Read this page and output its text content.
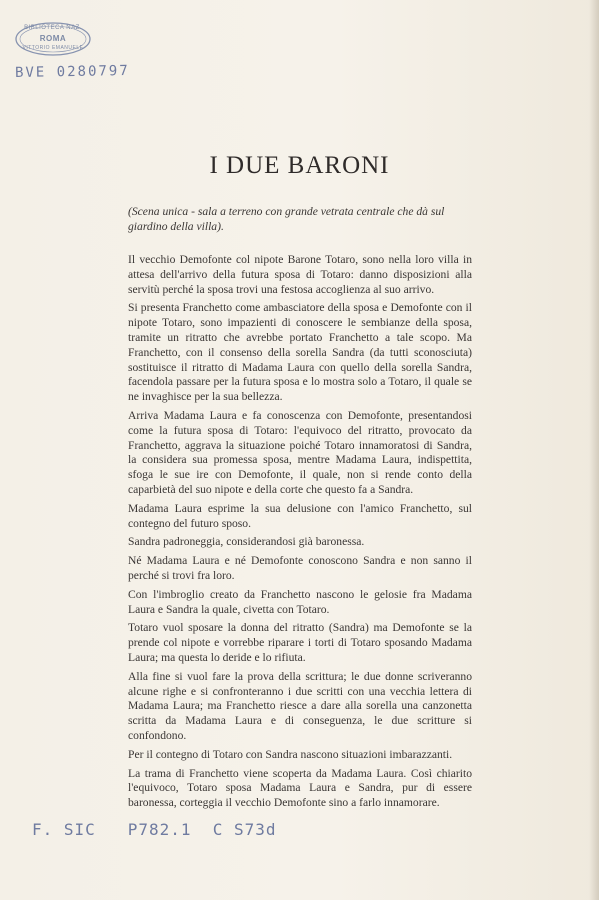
BIBLIOTECA NAZ.
ROMA
VITTORIO EMANUELE
BVE 0280797
I DUE BARONI
(Scena unica - sala a terreno con grande vetrata centrale che dà sul giardino della villa).

Il vecchio Demofonte col nipote Barone Totaro, sono nella loro villa in attesa dell'arrivo della futura sposa di Totaro: danno disposizioni alla servitù perché la sposa trovi una festosa accoglienza al suo arrivo.

Si presenta Franchetto come ambasciatore della sposa e Demofonte con il nipote Totaro, sono impazienti di conoscere le sembianze della sposa, tramite un ritratto che avrebbe portato Franchetto a tale scopo. Ma Franchetto, con il consenso della sorella Sandra (da tutti sconosciuta) sostituisce il ritratto di Madama Laura con quello della sorella Sandra, facendola passare per la futura sposa e lo mostra solo a Totaro, il quale se ne invaghisce per la sua bellezza.

Arriva Madama Laura e fa conoscenza con Demofonte, presentandosi come la futura sposa di Totaro: l'equivoco del ritratto, provocato da Franchetto, aggrava la situazione poiché Totaro innamoratosi di Sandra, la considera sua promessa sposa, mentre Madama Laura, indispettita, sfoga le sue ire con Demofonte, il quale, non si rende conto della caparbietà del suo nipote e della corte che questo fa a Sandra.

Madama Laura esprime la sua delusione con l'amico Franchetto, sul contegno del futuro sposo.

Sandra padroneggia, considerandosi già baronessa.

Né Madama Laura e né Demofonte conoscono Sandra e non sanno il perché si trovi fra loro.

Con l'imbroglio creato da Franchetto nascono le gelosie fra Madama Laura e Sandra la quale, civetta con Totaro.

Totaro vuol sposare la donna del ritratto (Sandra) ma Demofonte se la prende col nipote e vorrebbe riparare i torti di Totaro sposando Madama Laura; ma questa lo deride e lo rifiuta.

Alla fine si vuol fare la prova della scrittura; le due donne scriveranno alcune righe e si confronteranno i due scritti con una vecchia lettera di Madama Laura; ma Franchetto riesce a dare alla sorella una canzonetta scritta da Madama Laura e di conseguenza, le due scritture si confondono.

Per il contegno di Totaro con Sandra nascono situazioni imbarazzanti.

La trama di Franchetto viene scoperta da Madama Laura. Così chiarito l'equivoco, Totaro sposa Madama Laura e Sandra, pur di essere baronessa, corteggia il vecchio Demofonte sino a farlo innamorare.

F. SIC   P782.1  C S73d
